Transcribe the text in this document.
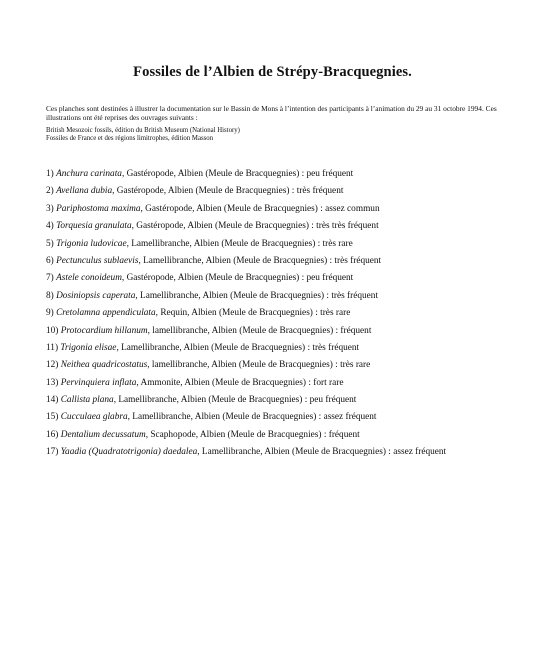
Fossiles de l’Albien de Strépy-Bracquegnies.
Ces planches sont destinées à illustrer la documentation sur le Bassin de Mons à l’intention des participants à l’animation du 29 au 31 octobre 1994. Ces illustrations ont été reprises des ouvrages suivants :
British Mesozoic fossils, édition du British Museum (National History)
Fossiles de France et des régions limitrophes, édition Masson
1) Anchura carinata, Gastéropode, Albien (Meule de Bracquegnies) : peu fréquent
2) Avellana dubia, Gastéropode, Albien (Meule de Bracquegnies) : très fréquent
3) Pariphostoma maxima, Gastéropode, Albien (Meule de Bracquegnies) : assez commun
4) Torquesia granulata, Gastéropode, Albien (Meule de Bracquegnies) : très très fréquent
5) Trigonia ludovicae, Lamellibranche, Albien (Meule de Bracquegnies) : très rare
6) Pectunculus sublaevis, Lamellibranche, Albien (Meule de Bracquegnies) : très fréquent
7) Astele conoideum, Gastéropode, Albien (Meule de Bracquegnies) : peu fréquent
8) Dosiniopsis caperata, Lamellibranche, Albien (Meule de Bracquegnies) : très fréquent
9) Cretolamna appendiculata, Requin, Albien (Meule de Bracquegnies) : très rare
10) Protocardium hillanum, lamellibranche, Albien (Meule de Bracquegnies) : fréquent
11) Trigonia elisae, Lamellibranche, Albien (Meule de Bracquegnies) : très fréquent
12) Neithea quadricostatus, lamellibranche, Albien (Meule de Bracquegnies) : très rare
13) Pervinquiera inflata, Ammonite, Albien (Meule de Bracquegnies) : fort rare
14) Callista plana, Lamellibranche, Albien (Meule de Bracquegnies) : peu fréquent
15) Cucculaea glabra, Lamellibranche, Albien (Meule de Bracquegnies) : assez fréquent
16) Dentalium decussatum, Scaphopode, Albien (Meule de Bracquegnies) : fréquent
17) Yaadia (Quadratotrigonia) daedalea, Lamellibranche, Albien (Meule de Bracquegnies) : assez fréquent
